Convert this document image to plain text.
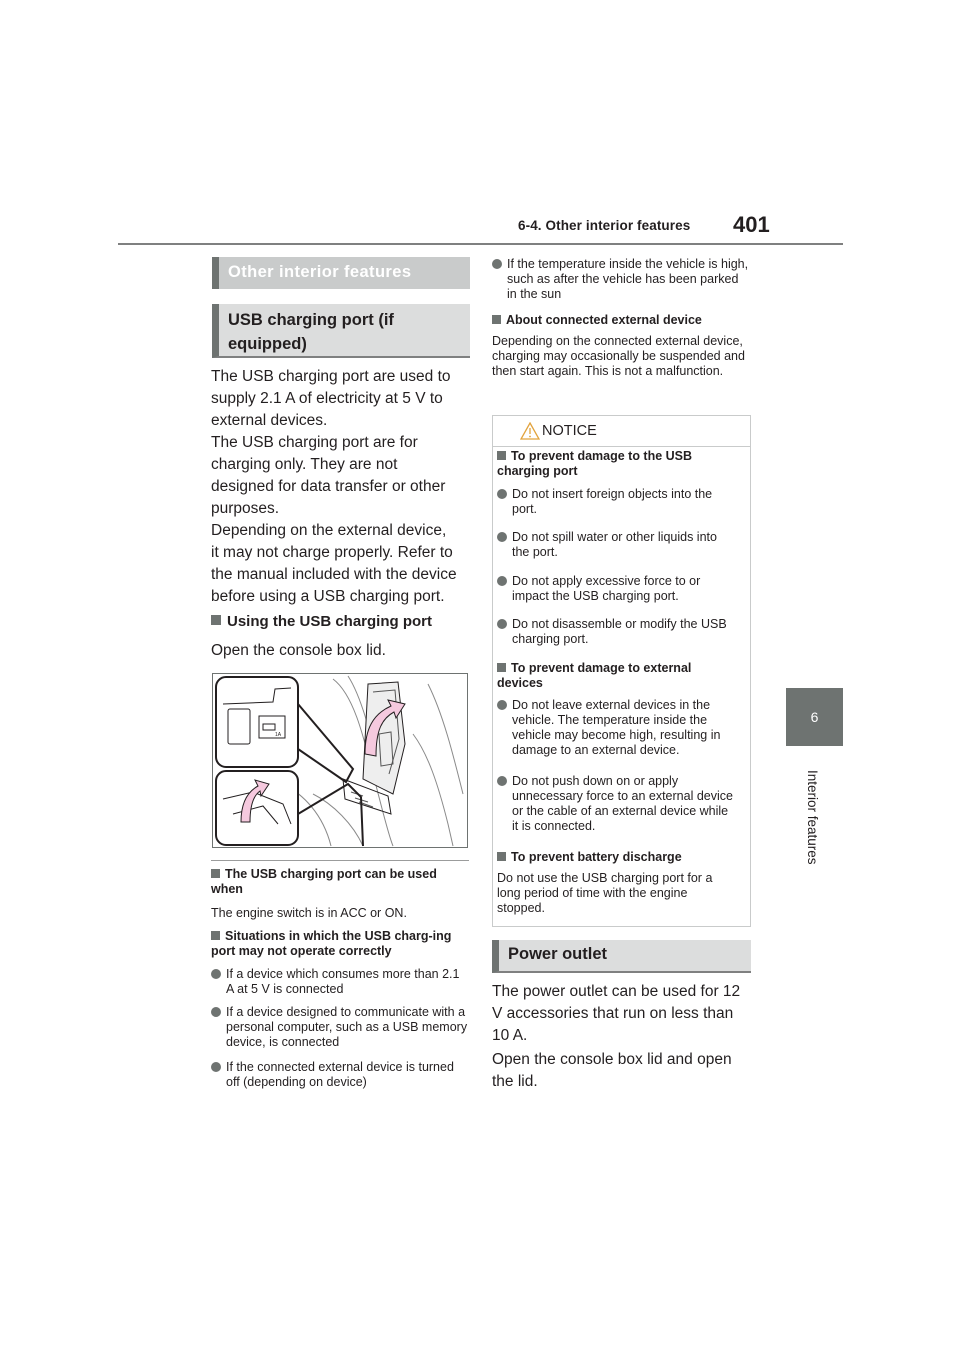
6-4. Other interior features 401
6
Interior features
Other interior features
USB charging port (if equipped)
The USB charging port are used to
supply 2.1 A of electricity at 5 V to
external devices.
The USB charging port are for
charging only. They are not
designed for data transfer or other
purposes.
Depending on the external device,
it may not charge properly. Refer to
the manual included with the device
before using a USB charging port.
Using the USB charging port
Open the console box lid.
1A
The USB charging port can be used when
The engine switch is in ACC or ON.
Situations in which the USB charg-ing port may not operate correctly
If a device which consumes more than 2.1 A at 5 V is connected
If a device designed to communicate with a personal computer, such as a USB memory device, is connected
If the connected external device is turned off (depending on device)
If the temperature inside the vehicle is high, such as after the vehicle has been parked in the sun
About connected external device
Depending on the connected external device, charging may occasionally be suspended and then start again. This is not a malfunction.
NOTICE
To prevent damage to the USB charging port
Do not insert foreign objects into the port.
Do not spill water or other liquids into the port.
Do not apply excessive force to or impact the USB charging port.
Do not disassemble or modify the USB charging port.
To prevent damage to external devices
Do not leave external devices in the vehicle. The temperature inside the vehicle may become high, resulting in damage to an external device.
Do not push down on or apply unnecessary force to an external device or the cable of an external device while it is connected.
To prevent battery discharge
Do not use the USB charging port for a long period of time with the engine stopped.
Power outlet
The power outlet can be used for 12 V accessories that run on less than 10 A.
Open the console box lid and open the lid.
